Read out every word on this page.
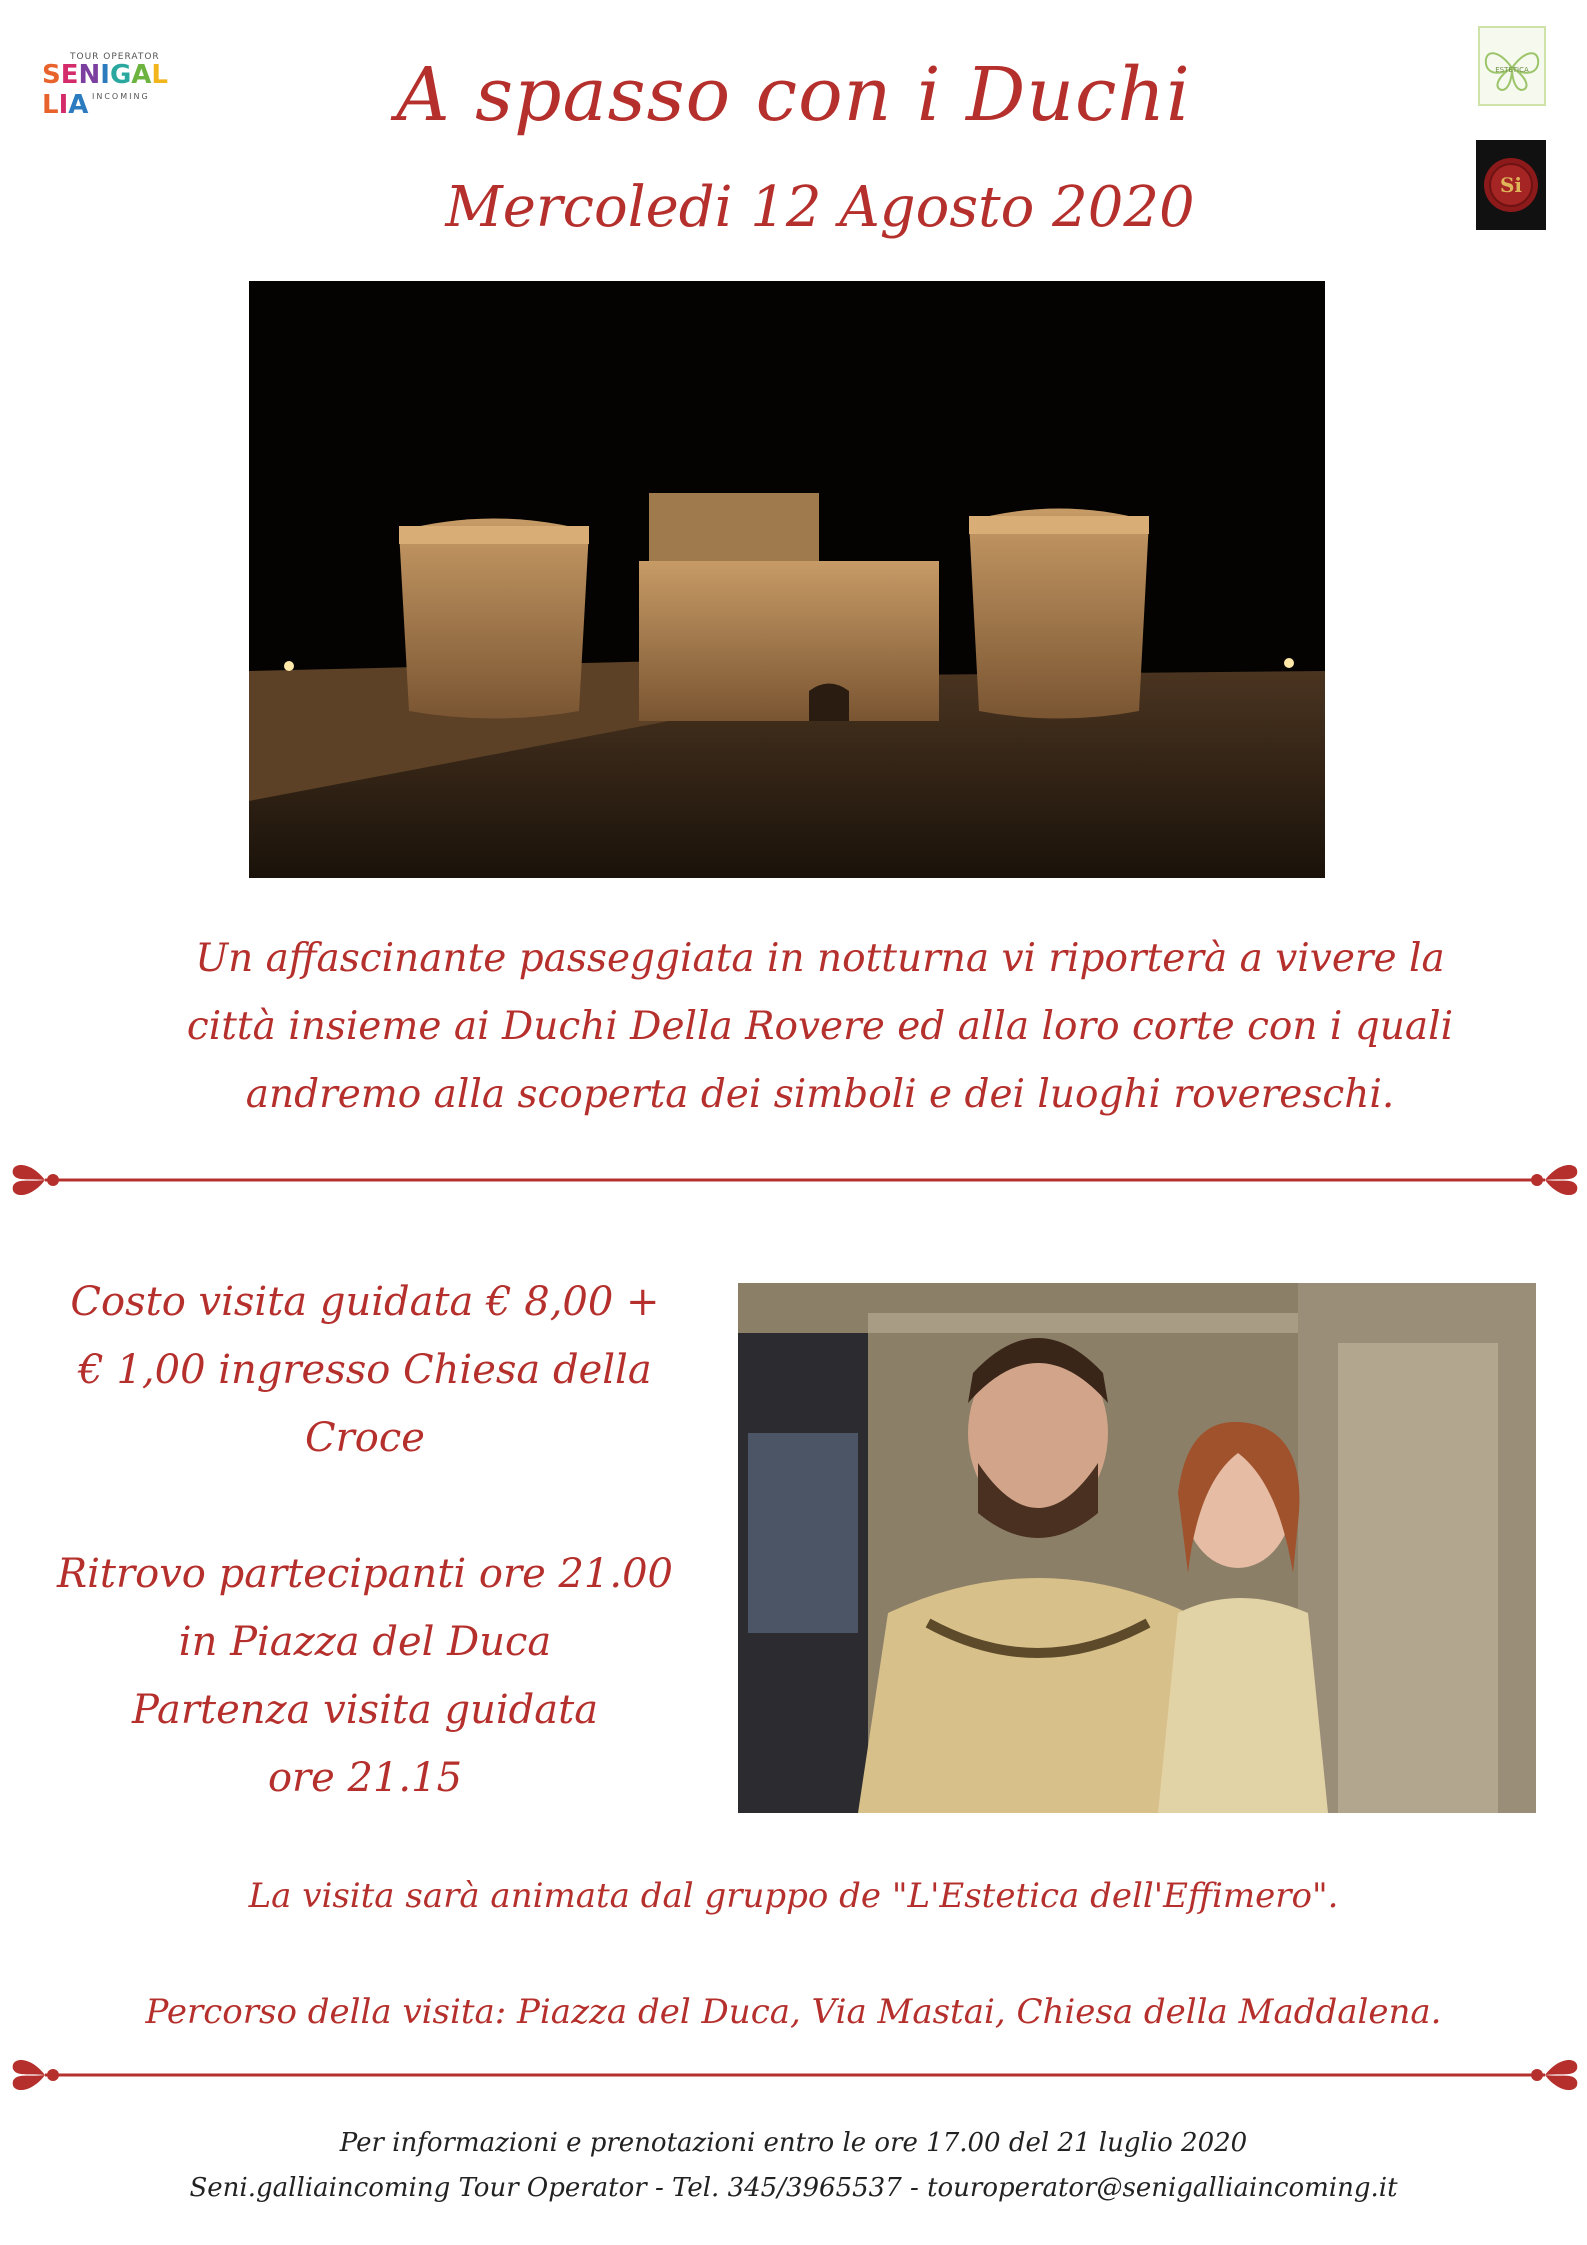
TOUR OPERATOR
SENIGALLIA INCOMING
ESTETICA
Si
A spasso con i Duchi
Mercoledi 12 Agosto 2020
Un affascinante passeggiata in notturna vi riporterà a vivere la
città insieme ai Duchi Della Rovere ed alla loro corte con i quali
andremo alla scoperta dei simboli e dei luoghi rovereschi.

Costo visita guidata € 8,00 +

€ 1,00 ingresso Chiesa della

Croce

Ritrovo partecipanti ore 21.00

in Piazza del Duca

Partenza visita guidata

ore 21.15

La visita sarà animata dal gruppo de "L'Estetica dell'Effimero".
Percorso della visita: Piazza del Duca, Via Mastai, Chiesa della Maddalena.
Per informazioni e prenotazioni entro le ore 17.00 del 21 luglio 2020
Seni.galliaincoming Tour Operator - Tel. 345/3965537 - touroperator@senigalliaincoming.it
